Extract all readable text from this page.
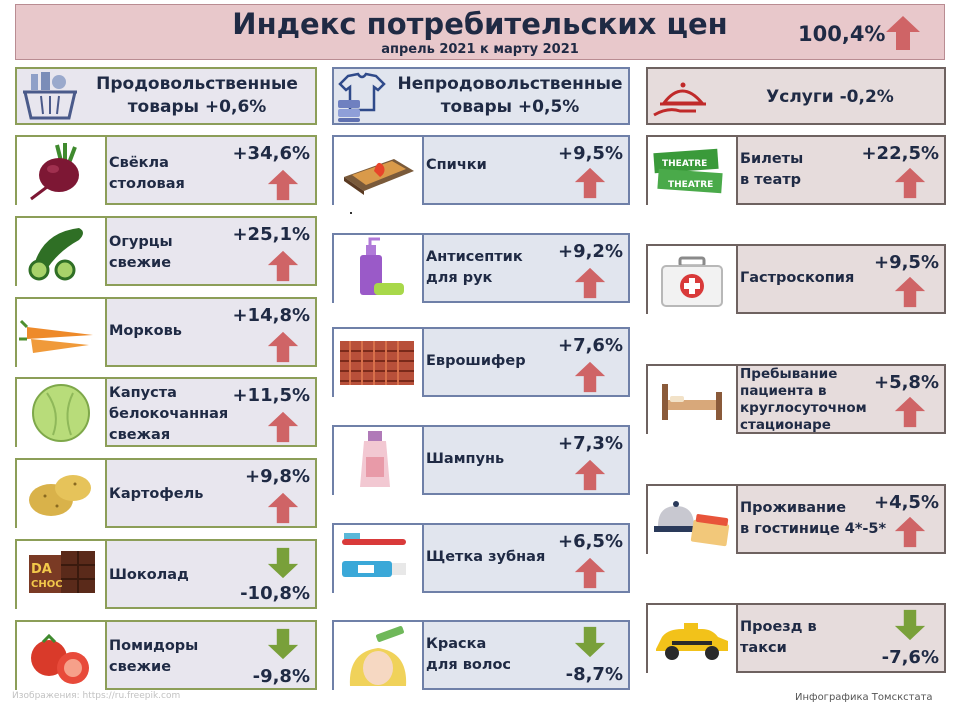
Индекс потребительских цен
апрель 2021 к марту 2021
100,4%
Продовольственные
товары +0,6%
Непродовольственные
товары +0,5%	Услуги -0,2%
Свёкла
столовая
+34,6%
Огурцы
свежие
+25,1%
Морковь
+14,8%
Капуста
белокочанная
свежая
+11,5%
Картофель
+9,8%
DA
CHOC
Шоколад
-10,8%
Помидоры
свежие	-9,8%
Спички
+9,5%
Антисептик
для рук
+9,2%
Еврошифер
+7,6%
Шампунь
+7,3%
Щетка зубная
+6,5%
Краска
для волос	-8,7%
THEATRE
THEATRE
Билеты
в театр
+22,5%
Гастроскопия
+9,5%
Пребывание
пациента в
круглосуточном
стационаре
+5,8%
Проживание
в гостинице 4*-5*
+4,5%
Проезд в
такси	-7,6%
Изображения: https://ru.freepik.com	Инфографика Томскстата
